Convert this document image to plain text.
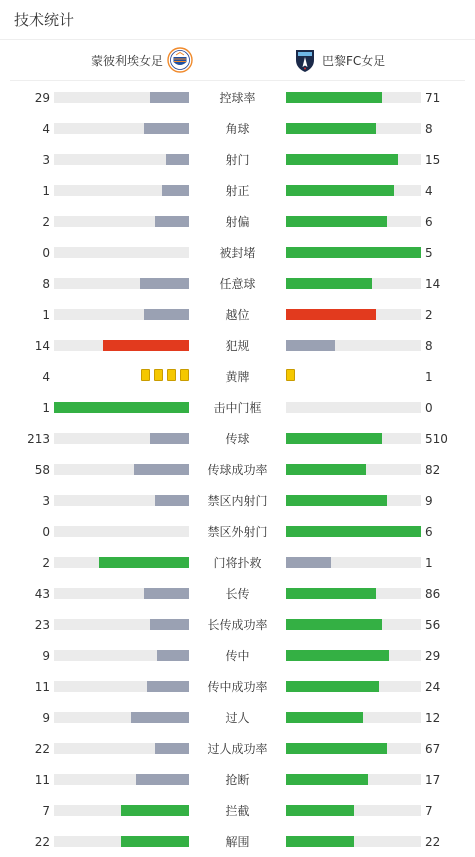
技术统计
蒙彼利埃女足	巴黎FC女足
29	控球率	71
4	角球	8
3	射门	15
1	射正	4
2	射偏	6
0	被封堵	5
8	任意球	14
1	越位	2
14	犯规	8
4	黄牌	1
1	击中门框	0
213	传球	510
58	传球成功率	82
3	禁区内射门	9
0	禁区外射门	6
2	门将扑救	1
43	长传	86
23	长传成功率	56
9	传中	29
11	传中成功率	24
9	过人	12
22	过人成功率	67
11	抢断	17
7	拦截	7
22	解围	22
